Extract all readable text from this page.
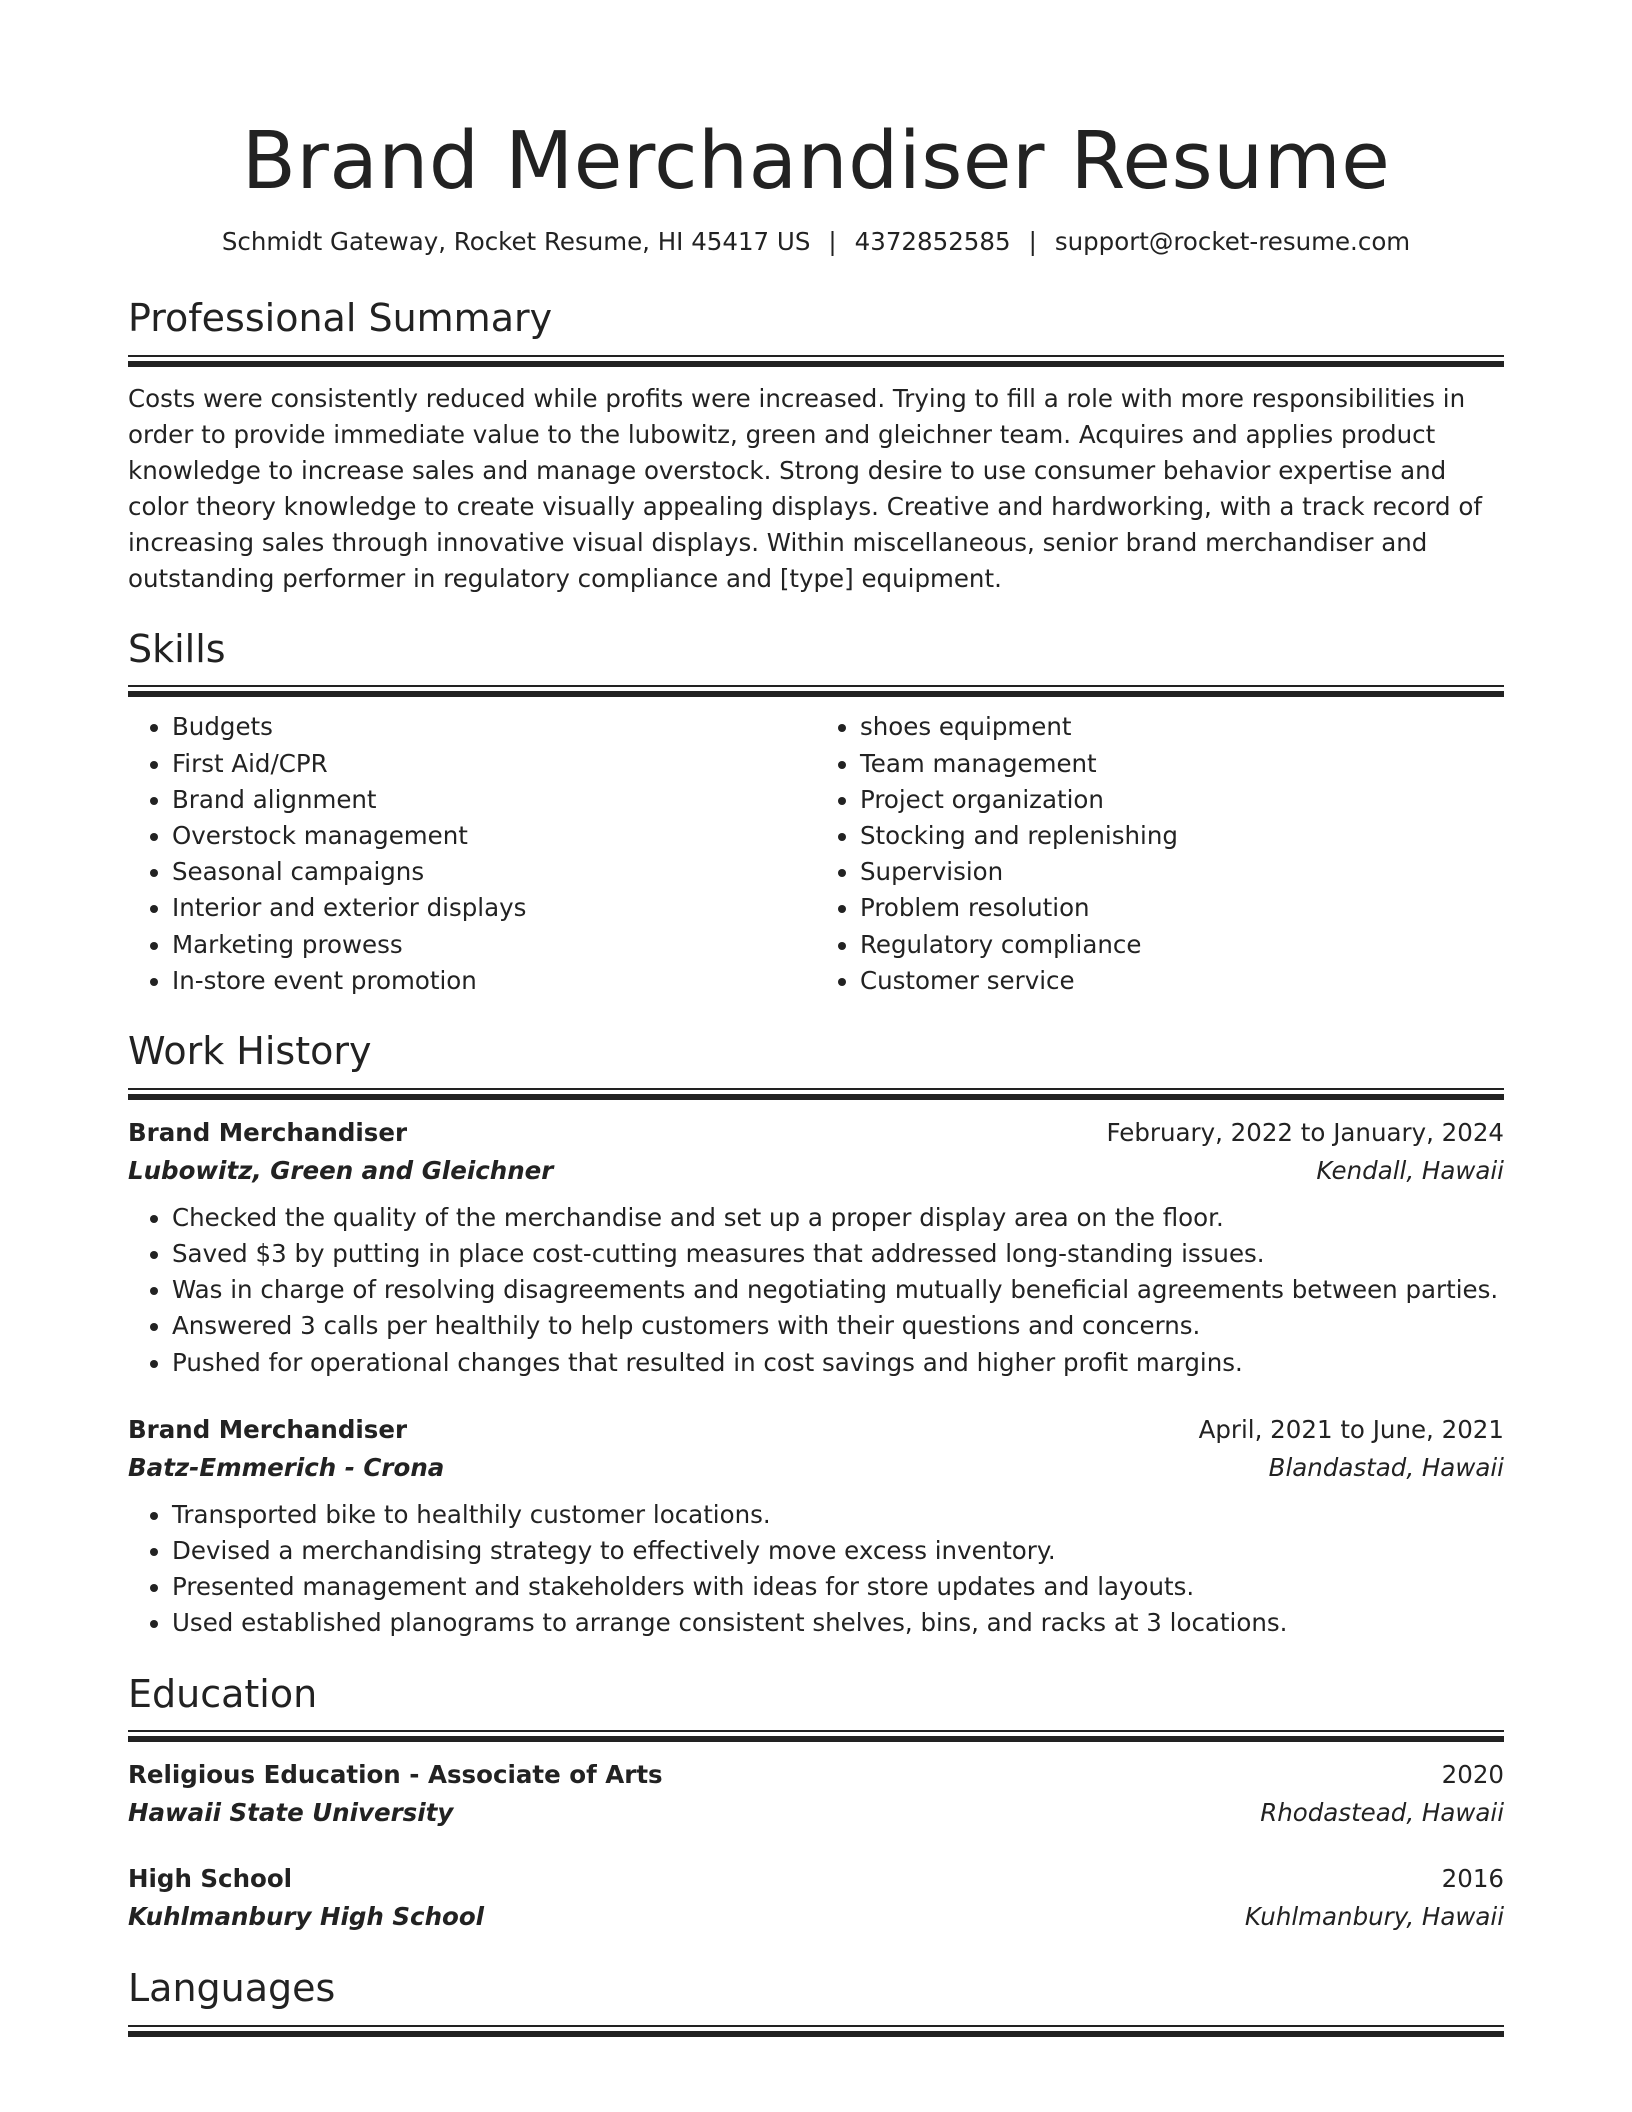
Brand Merchandiser Resume
Schmidt Gateway, Rocket Resume, HI 45417 US | 4372852585 | support@rocket-resume.com
Professional Summary

Costs were consistently reduced while profits were increased. Trying to fill a role with more responsibilities in order to provide immediate value to the lubowitz, green and gleichner team. Acquires and applies product knowledge to increase sales and manage overstock. Strong desire to use consumer behavior expertise and color theory knowledge to create visually appealing displays. Creative and hardworking, with a track record of increasing sales through innovative visual displays. Within miscellaneous, senior brand merchandiser and outstanding performer in regulatory compliance and [type] equipment.

Skills
• Budgets
• First Aid/CPR
• Brand alignment
• Overstock management
• Seasonal campaigns
• Interior and exterior displays
• Marketing prowess
• In-store event promotion
• shoes equipment
• Team management
• Project organization
• Stocking and replenishing
• Supervision
• Problem resolution
• Regulatory compliance
• Customer service
Work History
Brand Merchandiser	February, 2022 to January, 2024
Lubowitz, Green and Gleichner	Kendall, Hawaii
• Checked the quality of the merchandise and set up a proper display area on the floor.
• Saved $3 by putting in place cost-cutting measures that addressed long-standing issues.
• Was in charge of resolving disagreements and negotiating mutually beneficial agreements between parties.
• Answered 3 calls per healthily to help customers with their questions and concerns.
• Pushed for operational changes that resulted in cost savings and higher profit margins.
Brand Merchandiser	April, 2021 to June, 2021
Batz-Emmerich - Crona	Blandastad, Hawaii
• Transported bike to healthily customer locations.
• Devised a merchandising strategy to effectively move excess inventory.
• Presented management and stakeholders with ideas for store updates and layouts.
• Used established planograms to arrange consistent shelves, bins, and racks at 3 locations.
Education
Religious Education - Associate of Arts	2020
Hawaii State University	Rhodastead, Hawaii
High School	2016
Kuhlmanbury High School	Kuhlmanbury, Hawaii
Languages
